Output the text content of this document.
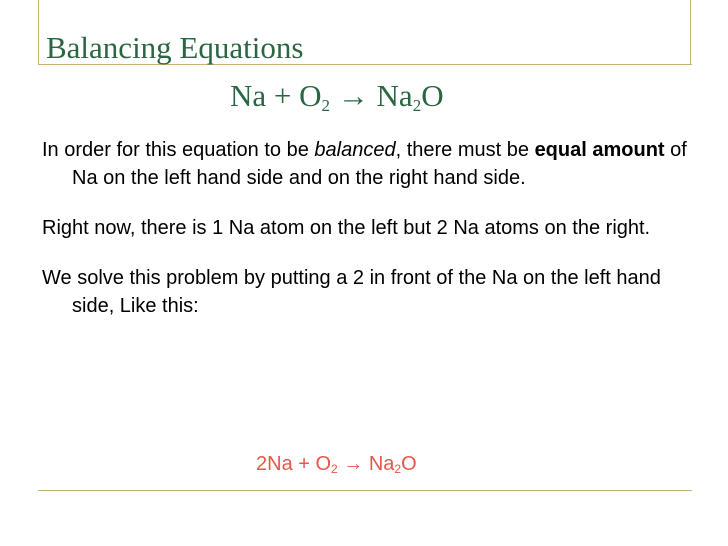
Balancing Equations
$Na + O_2 \to Na_2O$

In order for this equation to be balanced, there must be equal amount of Na on the left hand side and on the right hand side.

Right now, there is 1 Na atom on the left but 2 Na atoms on the right.

We solve this problem by putting a 2 in front of the Na on the left hand side, Like this:

$2Na + O_2 \to Na_2O$
